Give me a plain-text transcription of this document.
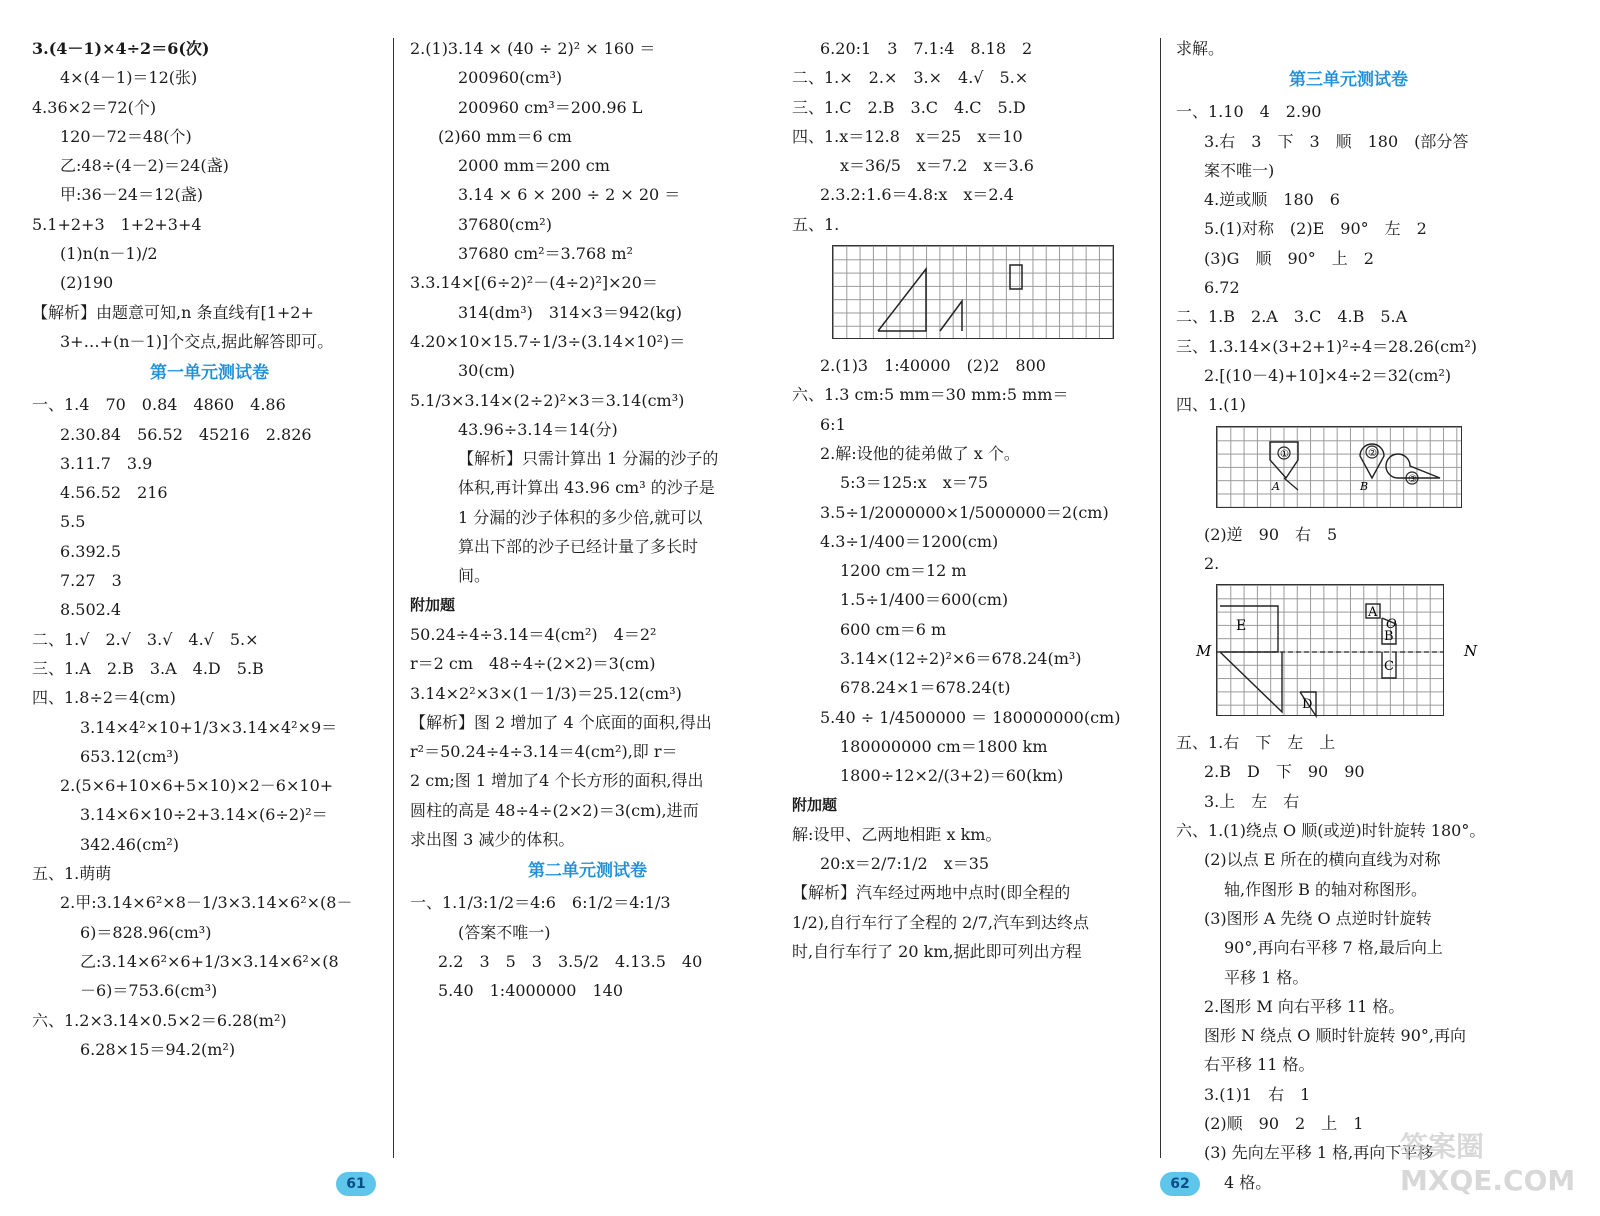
3.(4－1)×4÷2＝6(次)
4×(4－1)＝12(张)
4.36×2＝72(个)
120－72＝48(个)
乙:48÷(4－2)＝24(盏)
甲:36－24＝12(盏)
5.1+2+3　1+2+3+4
(1)n(n－1)/2
(2)190
【解析】由题意可知,n 条直线有[1+2+
3+…+(n－1)]个交点,据此解答即可。
第一单元测试卷
一、1.4　70　0.84　4860　4.86
2.30.84　56.52　45216　2.826
3.11.7　3.9
4.56.52　216
5.5
6.392.5
7.27　3
8.502.4
二、1.√　2.√　3.√　4.√　5.×
三、1.A　2.B　3.A　4.D　5.B
四、1.8÷2＝4(cm)
3.14×4²×10+1/3×3.14×4²×9＝
653.12(cm³)
2.(5×6+10×6+5×10)×2－6×10+
3.14×6×10÷2+3.14×(6÷2)²＝
342.46(cm²)
五、1.萌萌
2.甲:3.14×6²×8－1/3×3.14×6²×(8－
6)＝828.96(cm³)
乙:3.14×6²×6+1/3×3.14×6²×(8
－6)＝753.6(cm³)
六、1.2×3.14×0.5×2＝6.28(m²)
6.28×15＝94.2(m²)
2.(1)3.14 × (40 ÷ 2)² × 160 ＝
200960(cm³)
200960 cm³＝200.96 L
(2)60 mm＝6 cm
2000 mm＝200 cm
3.14 × 6 × 200 ÷ 2 × 20 ＝
37680(cm²)
37680 cm²＝3.768 m²
3.3.14×[(6÷2)²－(4÷2)²]×20＝
314(dm³)　314×3＝942(kg)
4.20×10×15.7÷1/3÷(3.14×10²)＝
30(cm)
5.1/3×3.14×(2÷2)²×3＝3.14(cm³)
43.96÷3.14＝14(分)
【解析】只需计算出 1 分漏的沙子的
体积,再计算出 43.96 cm³ 的沙子是
1 分漏的沙子体积的多少倍,就可以
算出下部的沙子已经计量了多长时
间。
附加题
50.24÷4÷3.14＝4(cm²)　4＝2²
r＝2 cm　48÷4÷(2×2)＝3(cm)
3.14×2²×3×(1－1/3)＝25.12(cm³)
【解析】图 2 增加了 4 个底面的面积,得出
r²＝50.24÷4÷3.14＝4(cm²),即 r＝
2 cm;图 1 增加了4 个长方形的面积,得出
圆柱的高是 48÷4÷(2×2)＝3(cm),进而
求出图 3 减少的体积。
第二单元测试卷
一、1.1/3:1/2＝4:6　6:1/2＝4:1/3
(答案不唯一)
2.2　3　5　3　3.5/2　4.13.5　40
5.40　1:4000000　140
6.20:1　3　7.1:4　8.18　2
二、1.×　2.×　3.×　4.√　5.×
三、1.C　2.B　3.C　4.C　5.D
四、1.x＝12.8　x＝25　x＝10
x＝36/5　x＝7.2　x＝3.6
2.3.2:1.6＝4.8:x　x＝2.4
五、1.
2.(1)3　1:40000　(2)2　800
六、1.3 cm:5 mm＝30 mm:5 mm＝
6:1
2.解:设他的徒弟做了 x 个。
5:3＝125:x　x＝75
3.5÷1/2000000×1/5000000＝2(cm)
4.3÷1/400＝1200(cm)
1200 cm＝12 m
1.5÷1/400＝600(cm)
600 cm＝6 m
3.14×(12÷2)²×6＝678.24(m³)
678.24×1＝678.24(t)
5.40 ÷ 1/4500000 ＝ 180000000(cm)
180000000 cm＝1800 km
1800÷12×2/(3+2)＝60(km)
附加题
解:设甲、乙两地相距 x km。
20:x＝2/7:1/2　x＝35
【解析】汽车经过两地中点时(即全程的
1/2),自行车行了全程的 2/7,汽车到达终点
时,自行车行了 20 km,据此即可列出方程
求解。
第三单元测试卷
一、1.10　4　2.90
3.右　3　下　3　顺　180　(部分答
案不唯一)
4.逆或顺　180　6
5.(1)对称　(2)E　90°　左　2
(3)G　顺　90°　上　2
6.72
二、1.B　2.A　3.C　4.B　5.A
三、1.3.14×(3+2+1)²÷4＝28.26(cm²)
2.[(10－4)+10]×4÷2＝32(cm²)
四、1.(1)
①
A
②
B
③
(2)逆　90　右　5
2.
M	N
E
A
O
B
C
D
五、1.右　下　左　上
2.B　D　下　90　90
3.上　左　右
六、1.(1)绕点 O 顺(或逆)时针旋转 180°。
(2)以点 E 所在的横向直线为对称
轴,作图形 B 的轴对称图形。
(3)图形 A 先绕 O 点逆时针旋转
90°,再向右平移 7 格,最后向上
平移 1 格。
2.图形 M 向右平移 11 格。
图形 N 绕点 O 顺时针旋转 90°,再向
右平移 11 格。
3.(1)1　右　1
(2)顺　90　2　上　1
(3) 先向左平移 1 格,再向下平移
4 格。
61	62
答案圈 MXQE.COM
